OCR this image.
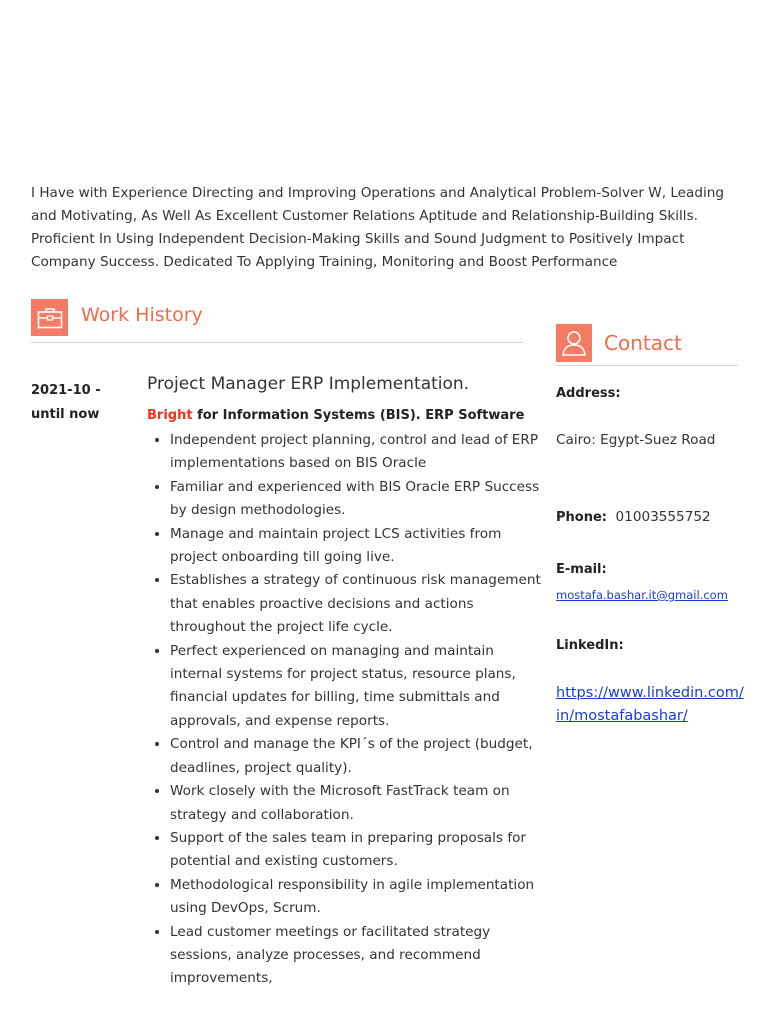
I Have with Experience Directing and Improving Operations and Analytical Problem-Solver W, Leading and Motivating, As Well As Excellent Customer Relations Aptitude and Relationship-Building Skills. Proficient In Using Independent Decision-Making Skills and Sound Judgment to Positively Impact Company Success. Dedicated To Applying Training, Monitoring and Boost Performance

Work History
Contact
2021-10 -
until now
Project Manager ERP Implementation.
Bright for Information Systems (BIS). ERP Software
• Independent project planning, control and lead of ERP implementations based on BIS Oracle
• Familiar and experienced with BIS Oracle ERP Success by design methodologies.
• Manage and maintain project LCS activities from project onboarding till going live.
• Establishes a strategy of continuous risk management that enables proactive decisions and actions throughout the project life cycle.
• Perfect experienced on managing and maintain internal systems for project status, resource plans, financial updates for billing, time submittals and approvals, and expense reports.
• Control and manage the KPI´s of the project (budget, deadlines, project quality).
• Work closely with the Microsoft FastTrack team on strategy and collaboration.
• Support of the sales team in preparing proposals for potential and existing customers.
• Methodological responsibility in agile implementation using DevOps, Scrum.
• Lead customer meetings or facilitated strategy sessions, analyze processes, and recommend improvements,
Address:
Cairo: Egypt-Suez Road
Phone: 01003555752
E-mail:
mostafa.bashar.it@gmail.com
LinkedIn:
https://www.linkedin.com/in/mostafabashar/
